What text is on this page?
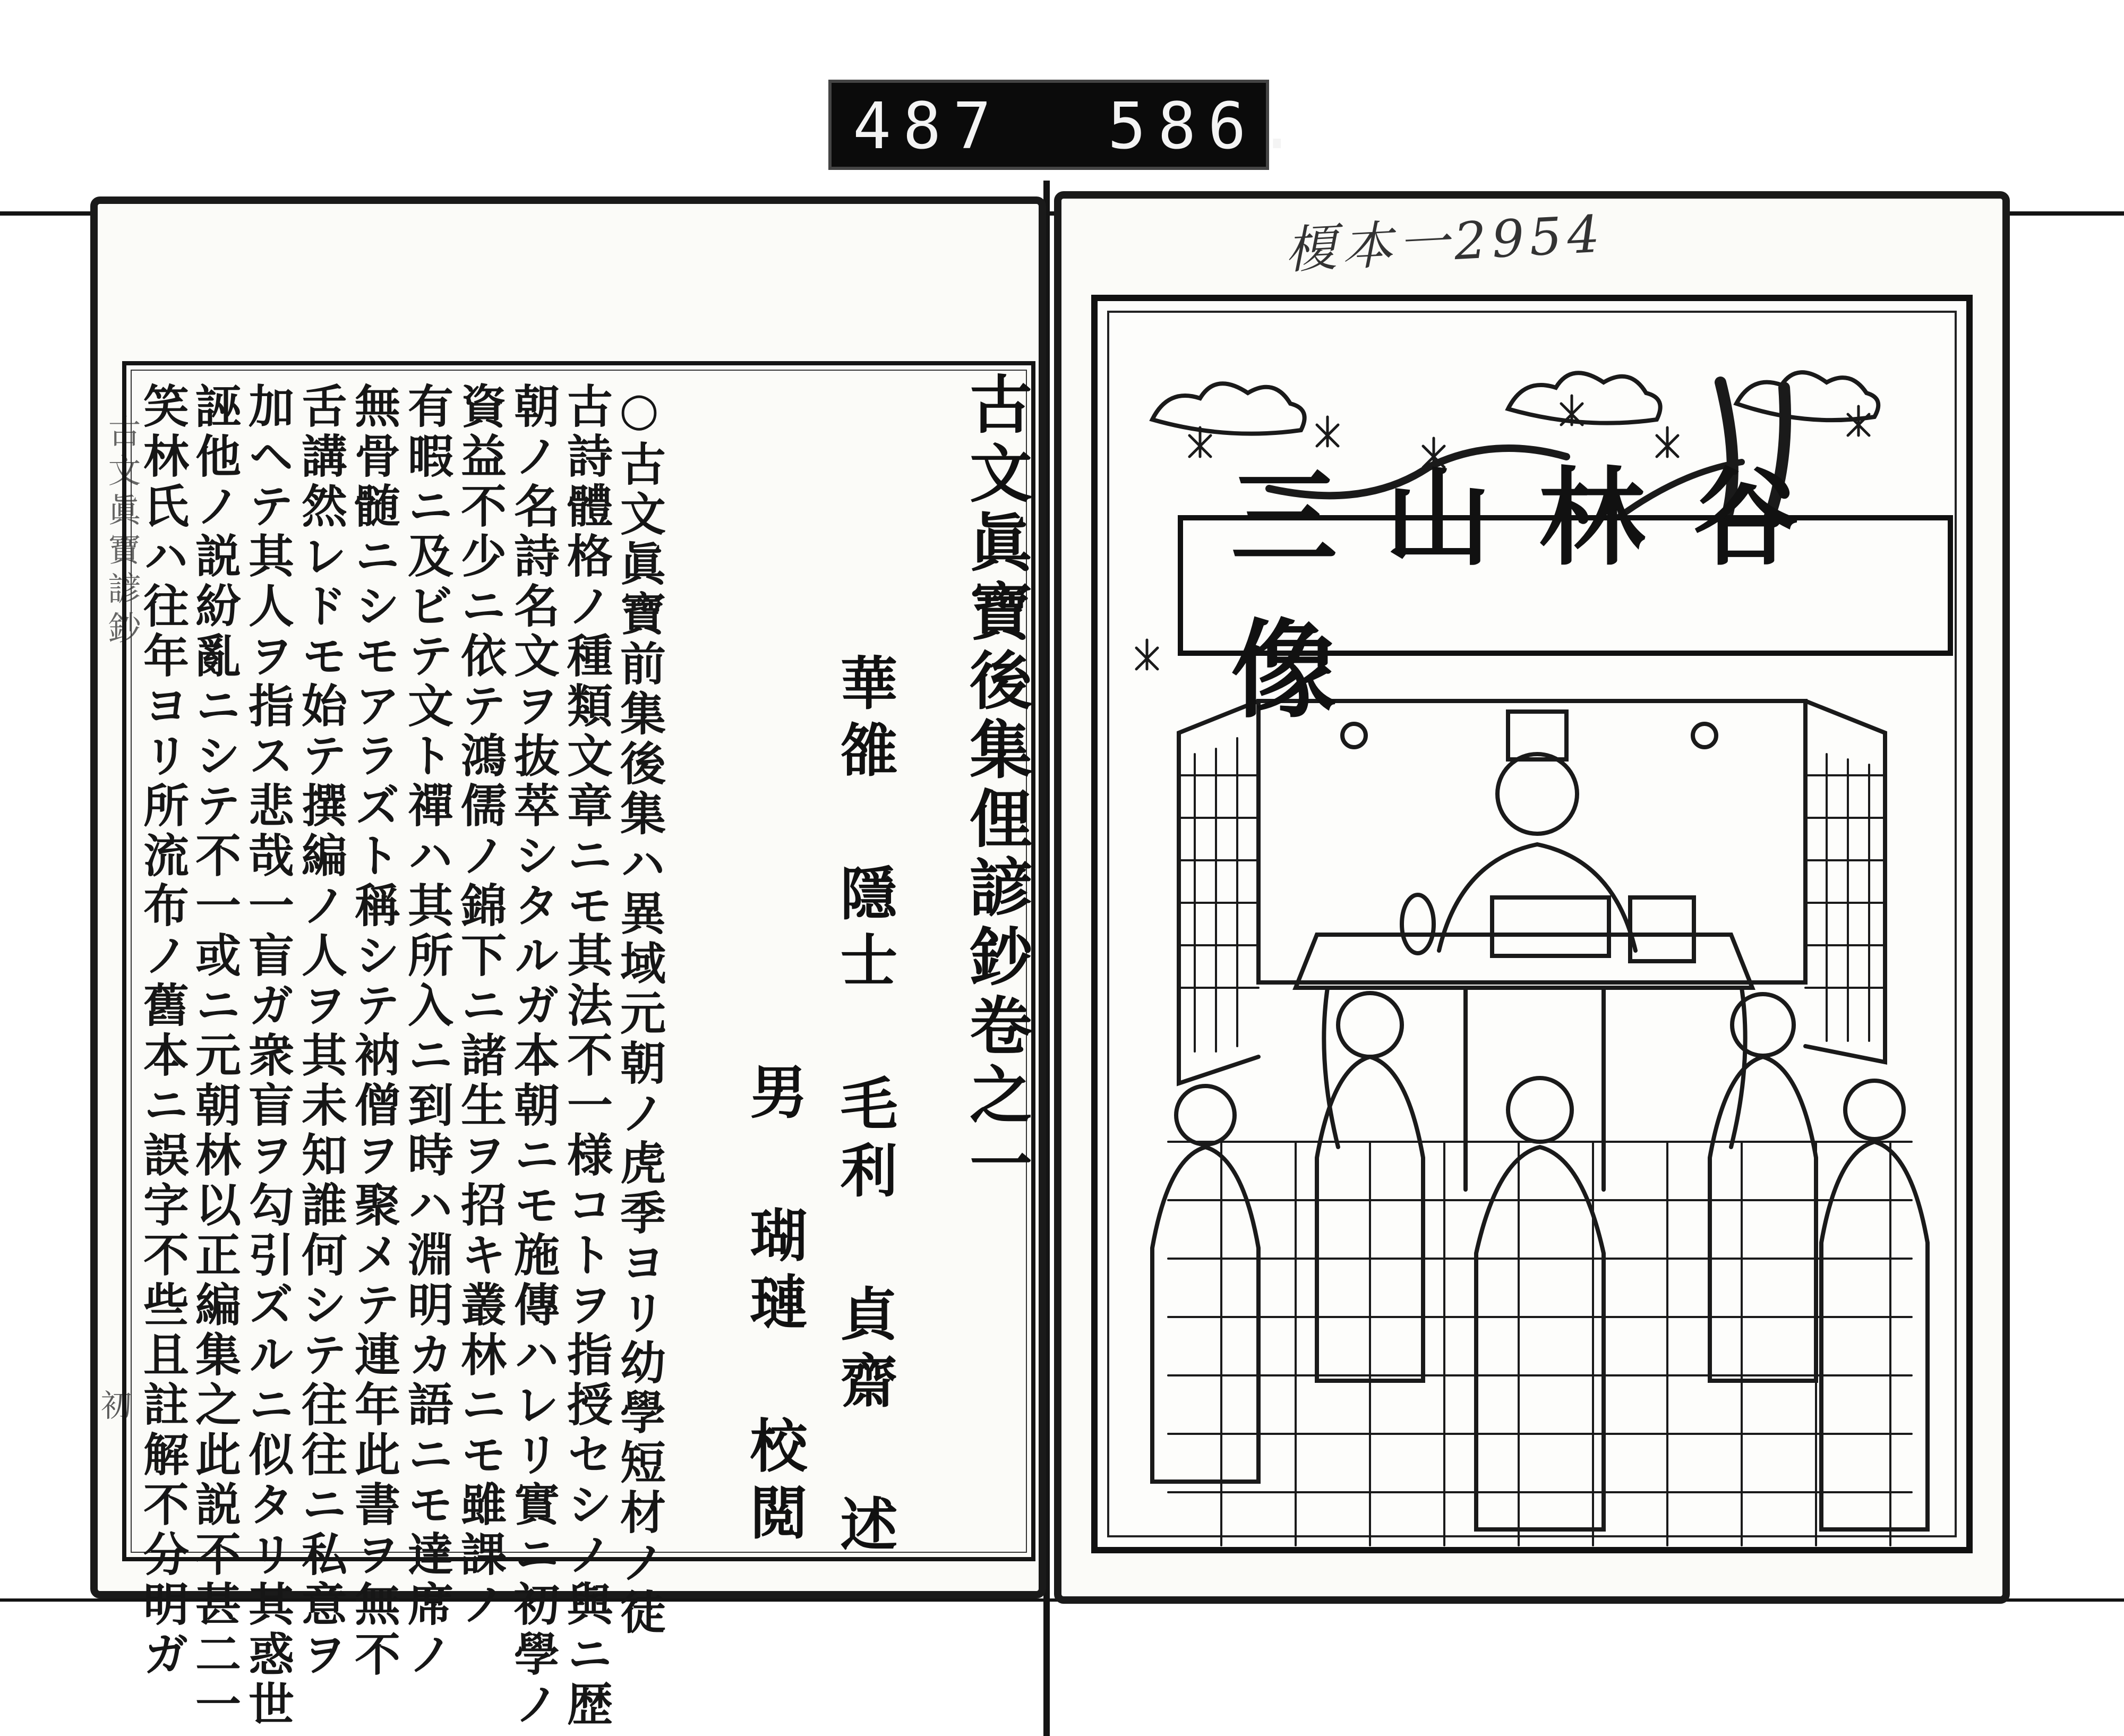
487 586.
古文眞寶諺鈔
初
古文眞寶後集俚諺鈔卷之一
華雒 隱士 毛利 貞齋 述
男 瑚璉 校閲
○古文眞寶前集後集ハ異域元朝ノ虎季ヨリ幼學短材ノ徒
古詩體格ノ種類文章ニモ其法不一様コトヲ指授セシノ與ニ歴
朝ノ名詩名文ヲ抜萃シタルガ本朝ニモ施傳ハレリ實ニ初學ノ
資益不少ニ依テ鴻儒ノ錦下ニ諸生ヲ招キ叢林ニモ雖課ノ
有暇ニ及ビテ文ト禪ハ其所入ニ到時ハ淵明カ語ニモ達席ノ
無骨髄ニシモアラズト稱シテ衲僧ヲ聚メテ連年此書ヲ無不
舌講然レドモ始テ撰編ノ人ヲ其未知誰何シテ往往ニ私意ヲ
加ヘテ其人ヲ指ス悲哉一盲ガ衆盲ヲ勾引ズルニ似タリ其惑世
誣他ノ説紛亂ニシテ不一或ニ元朝林以正編集之此説不甚二一
笑林氏ハ往年ヨリ所流布ノ舊本ニ誤字不些且註解不分明ガ
榎本一2954
三山林谷像
